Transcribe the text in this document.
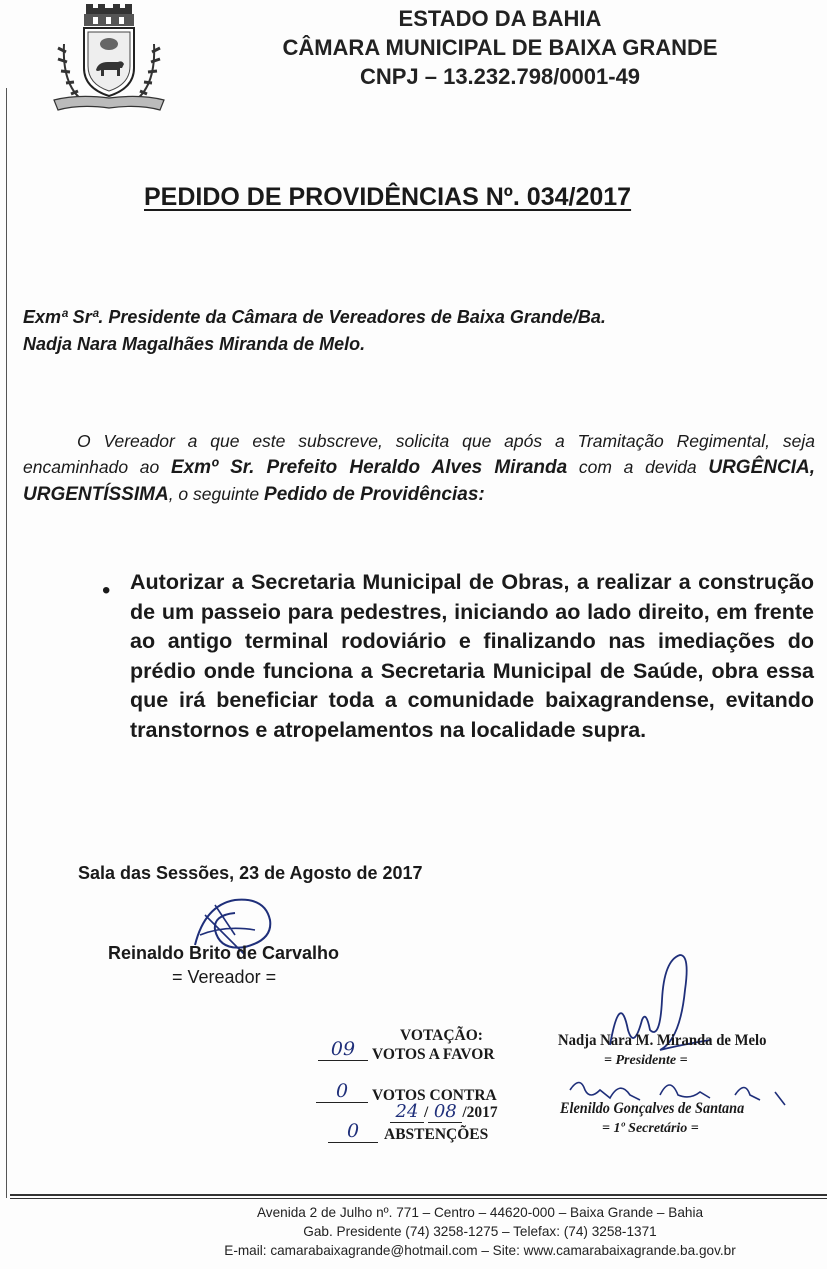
ESTADO DA BAHIA
CÂMARA MUNICIPAL DE BAIXA GRANDE
CNPJ – 13.232.798/0001-49
PEDIDO DE PROVIDÊNCIAS Nº. 034/2017
Exmª Srª. Presidente da Câmara de Vereadores de Baixa Grande/Ba.
Nadja Nara Magalhães Miranda de Melo.
O Vereador a que este subscreve, solicita que após a Tramitação Regimental, seja encaminhado ao Exmº Sr. Prefeito Heraldo Alves Miranda com a devida URGÊNCIA, URGENTÍSSIMA, o seguinte Pedido de Providências:
• Autorizar a Secretaria Municipal de Obras, a realizar a construção de um passeio para pedestres, iniciando ao lado direito, em frente ao antigo terminal rodoviário e finalizando nas imediações do prédio onde funciona a Secretaria Municipal de Saúde, obra essa que irá beneficiar toda a comunidade baixagrandense, evitando transtornos e atropelamentos na localidade supra.
Sala das Sessões, 23 de Agosto de 2017
Reinaldo Brito de Carvalho
= Vereador =
VOTAÇÃO:
09	VOTOS A FAVOR
0	VOTOS CONTRA
24 / 08 /2017
0	ABSTENÇÕES
Nadja Nara M. Miranda de Melo
= Presidente =
Elenildo Gonçalves de Santana
= 1º Secretário =
Avenida 2 de Julho nº. 771 – Centro – 44620-000 – Baixa Grande – Bahia
Gab. Presidente (74) 3258-1275 – Telefax: (74) 3258-1371
E-mail: camarabaixagrande@hotmail.com – Site: www.camarabaixagrande.ba.gov.br
